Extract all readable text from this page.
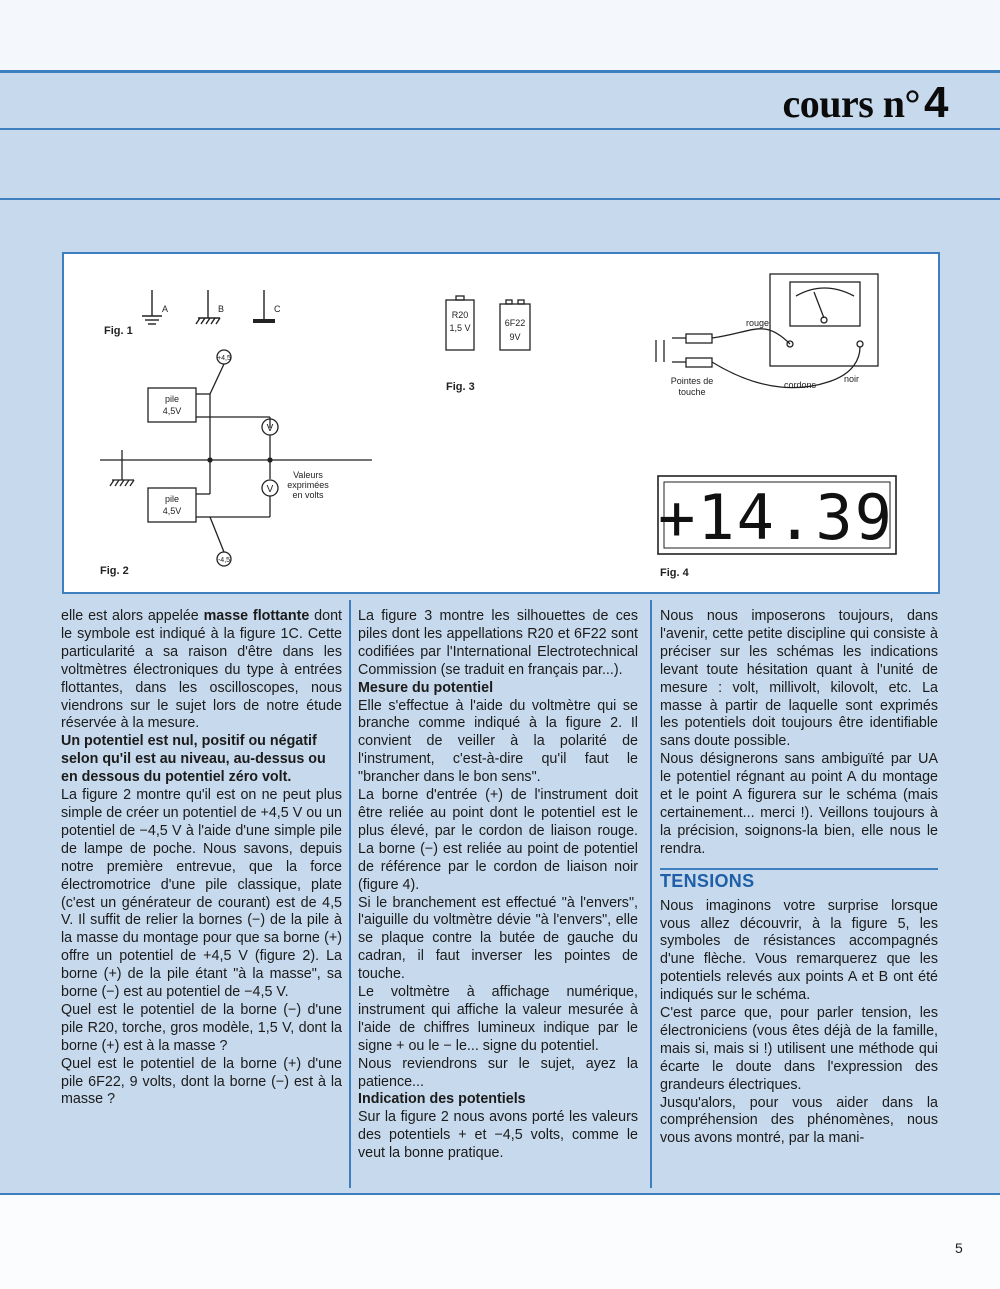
cours n°4
A	B	C
Fig. 1
pile
4,5V
pile
4,5V
+4,5
-4,5
V
V
Valeurs
exprimées
en volts
Fig. 2
R20
1,5 V	6F22
9V
Fig. 3
rouge
noir
cordons
Pointes de
touche
+14.39
Fig. 4

elle est alors appelée masse flottante dont le symbole est indiqué à la figure 1C. Cette particularité a sa raison d'être dans les voltmètres électroniques du type à entrées flottantes, dans les oscilloscopes, nous viendrons sur le sujet lors de notre étude réservée à la mesure.

Un potentiel est nul, positif ou négatif selon qu'il est au niveau, au-dessus ou en dessous du potentiel zéro volt.

La figure 2 montre qu'il est on ne peut plus simple de créer un potentiel de +4,5 V ou un potentiel de −4,5 V à l'aide d'une simple pile de lampe de poche. Nous savons, depuis notre première entrevue, que la force électromotrice d'une pile classique, plate (c'est un générateur de courant) est de 4,5 V. Il suffit de relier la bornes (−) de la pile à la masse du montage pour que sa borne (+) offre un potentiel de +4,5 V (figure 2). La borne (+) de la pile étant "à la masse", sa borne (−) est au potentiel de −4,5 V.

Quel est le potentiel de la borne (−) d'une pile R20, torche, gros modèle, 1,5 V, dont la borne (+) est à la masse ?

Quel est le potentiel de la borne (+) d'une pile 6F22, 9 volts, dont la borne (−) est à la masse ?

La figure 3 montre les silhouettes de ces piles dont les appellations R20 et 6F22 sont codifiées par l'International Electrotechnical Commission (se traduit en français par...).

Mesure du potentiel

Elle s'effectue à l'aide du voltmètre qui se branche comme indiqué à la figure 2. Il convient de veiller à la polarité de l'instrument, c'est-à-dire qu'il faut le "brancher dans le bon sens".

La borne d'entrée (+) de l'instrument doit être reliée au point dont le potentiel est le plus élevé, par le cordon de liaison rouge. La borne (−) est reliée au point de potentiel de référence par le cordon de liaison noir (figure 4).

Si le branchement est effectué "à l'envers", l'aiguille du voltmètre dévie "à l'envers", elle se plaque contre la butée de gauche du cadran, il faut inverser les pointes de touche.

Le voltmètre à affichage numérique, instrument qui affiche la valeur mesurée à l'aide de chiffres lumineux indique par le signe + ou le − le... signe du potentiel.

Nous reviendrons sur le sujet, ayez la patience...

Indication des potentiels

Sur la figure 2 nous avons porté les valeurs des potentiels + et −4,5 volts, comme le veut la bonne pratique.

Nous nous imposerons toujours, dans l'avenir, cette petite discipline qui consiste à préciser sur les schémas les indications levant toute hésitation quant à l'unité de mesure : volt, millivolt, kilovolt, etc. La masse à partir de laquelle sont exprimés les potentiels doit toujours être identifiable sans doute possible.

Nous désignerons sans ambiguïté par UA le potentiel régnant au point A du montage et le point A figurera sur le schéma (mais certainement... merci !). Veillons toujours à la précision, soignons-la bien, elle nous le rendra.

TENSIONS

Nous imaginons votre surprise lorsque vous allez découvrir, à la figure 5, les symboles de résistances accompagnés d'une flèche. Vous remarquerez que les potentiels relevés aux points A et B ont été indiqués sur le schéma.

C'est parce que, pour parler tension, les électroniciens (vous êtes déjà de la famille, mais si, mais si !) utilisent une méthode qui écarte le doute dans l'expression des grandeurs électriques.

Jusqu'alors, pour vous aider dans la compréhension des phénomènes, nous vous avons montré, par la mani-

5
